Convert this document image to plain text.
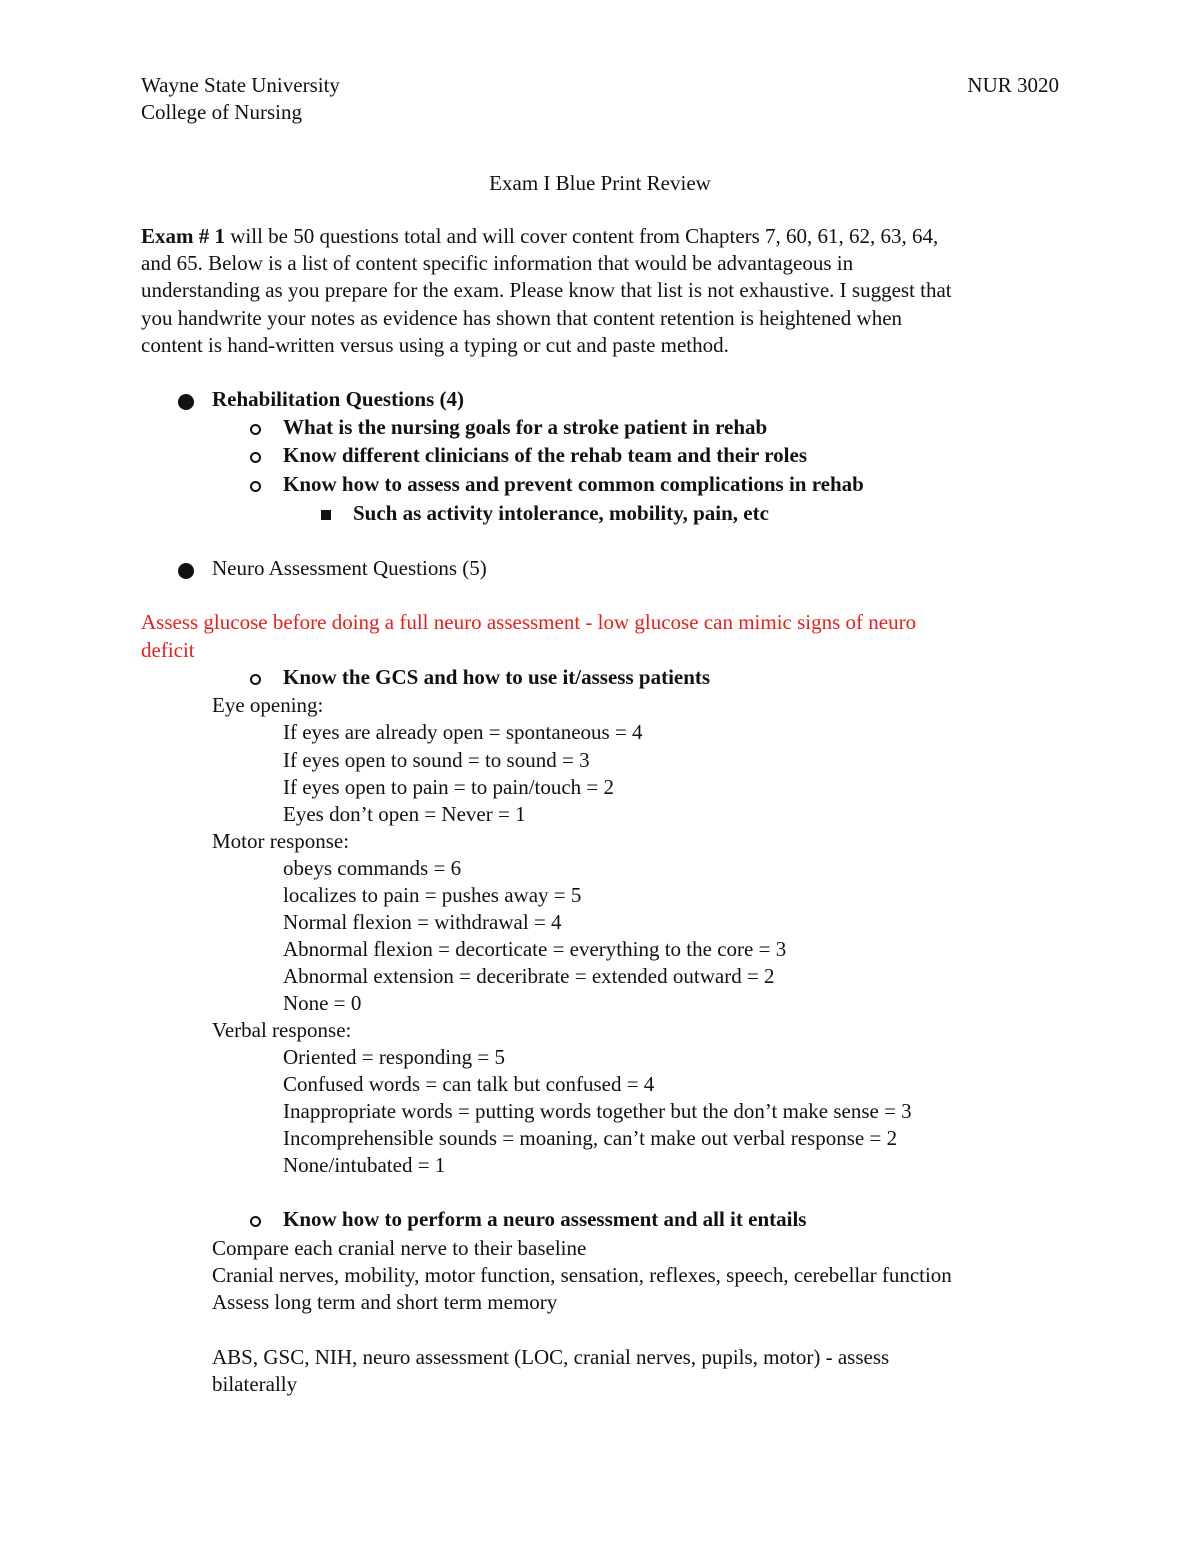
Wayne State University
College of Nursing
NUR 3020
Exam I Blue Print Review
Exam # 1 will be 50 questions total and will cover content from Chapters 7, 60, 61, 62, 63, 64,
and 65. Below is a list of content specific information that would be advantageous in
understanding as you prepare for the exam. Please know that list is not exhaustive. I suggest that
you handwrite your notes as evidence has shown that content retention is heightened when
content is hand-written versus using a typing or cut and paste method.
Rehabilitation Questions (4)
What is the nursing goals for a stroke patient in rehab
Know different clinicians of the rehab team and their roles
Know how to assess and prevent common complications in rehab
Such as activity intolerance, mobility, pain, etc
Neuro Assessment Questions (5)
Assess glucose before doing a full neuro assessment - low glucose can mimic signs of neuro
deficit
Know the GCS and how to use it/assess patients
Eye opening:
If eyes are already open = spontaneous = 4
If eyes open to sound = to sound = 3
If eyes open to pain = to pain/touch = 2
Eyes don’t open = Never = 1
Motor response:
obeys commands = 6
localizes to pain = pushes away = 5
Normal flexion = withdrawal = 4
Abnormal flexion = decorticate = everything to the core = 3
Abnormal extension = deceribrate = extended outward = 2
None = 0
Verbal response:
Oriented = responding = 5
Confused words = can talk but confused = 4
Inappropriate words = putting words together but the don’t make sense = 3
Incomprehensible sounds = moaning, can’t make out verbal response = 2
None/intubated = 1
Know how to perform a neuro assessment and all it entails
Compare each cranial nerve to their baseline
Cranial nerves, mobility, motor function, sensation, reflexes, speech, cerebellar function
Assess long term and short term memory
ABS, GSC, NIH, neuro assessment (LOC, cranial nerves, pupils, motor) - assess
bilaterally
